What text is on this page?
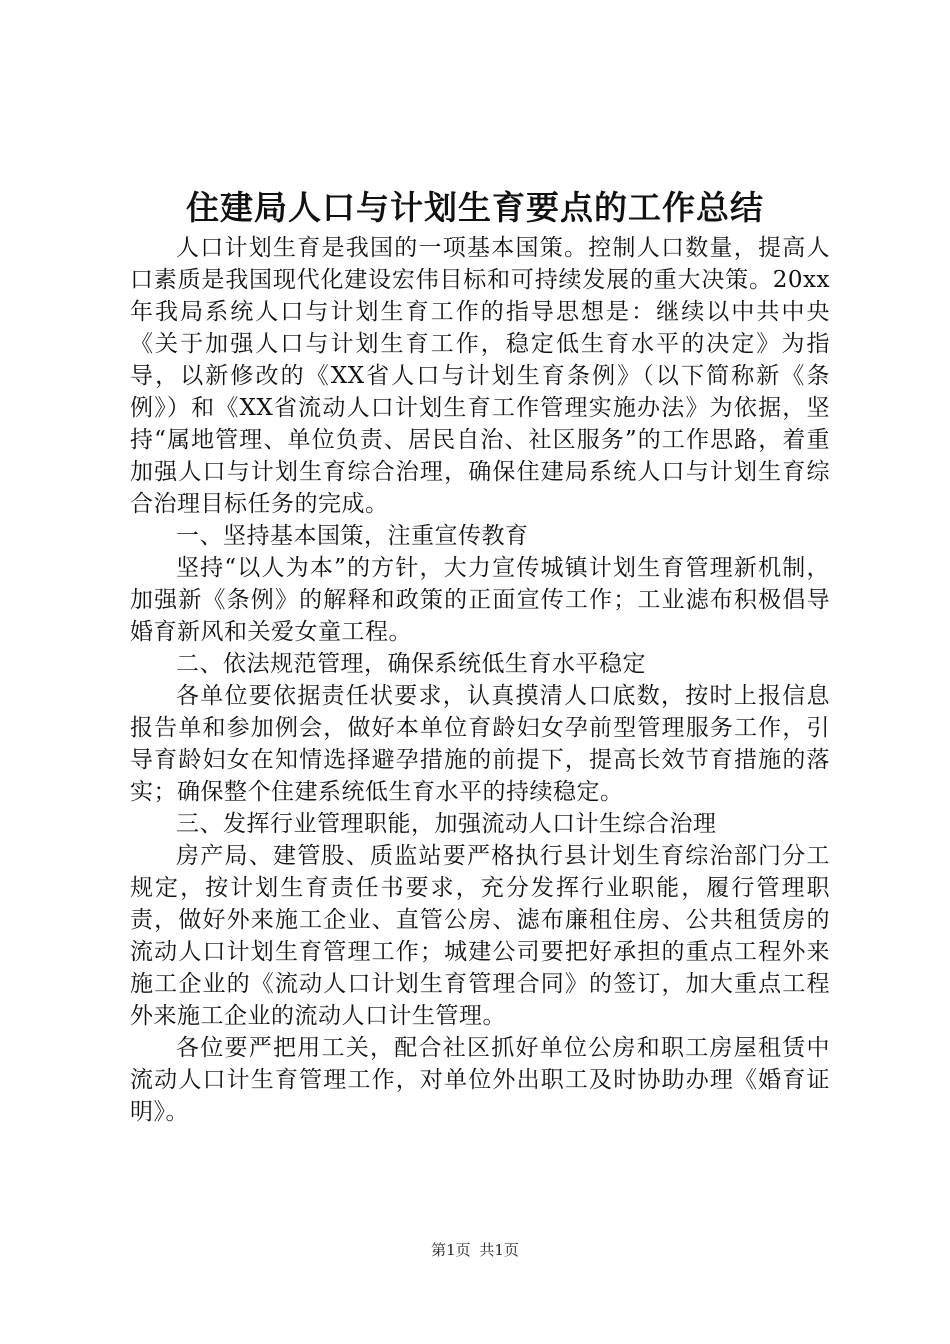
住建局人口与计划生育要点的工作总结

人口计划生育是我国的一项基本国策。控制人口数量，提高人口素质是我国现代化建设宏伟目标和可持续发展的重大决策。20xx年我局系统人口与计划生育工作的指导思想是：继续以中共中央《关于加强人口与计划生育工作，稳定低生育水平的决定》为指导，以新修改的《XX省人口与计划生育条例》（以下简称新《条例》）和《XX省流动人口计划生育工作管理实施办法》为依据，坚持“属地管理、单位负责、居民自治、社区服务”的工作思路，着重加强人口与计划生育综合治理，确保住建局系统人口与计划生育综合治理目标任务的完成。

一、坚持基本国策，注重宣传教育

坚持“以人为本”的方针，大力宣传城镇计划生育管理新机制，加强新《条例》的解释和政策的正面宣传工作；工业滤布积极倡导婚育新风和关爱女童工程。

二、依法规范管理，确保系统低生育水平稳定

各单位要依据责任状要求，认真摸清人口底数，按时上报信息报告单和参加例会，做好本单位育龄妇女孕前型管理服务工作，引导育龄妇女在知情选择避孕措施的前提下，提高长效节育措施的落实；确保整个住建系统低生育水平的持续稳定。

三、发挥行业管理职能，加强流动人口计生综合治理

房产局、建管股、质监站要严格执行县计划生育综治部门分工规定，按计划生育责任书要求，充分发挥行业职能，履行管理职责，做好外来施工企业、直管公房、滤布廉租住房、公共租赁房的流动人口计划生育管理工作；城建公司要把好承担的重点工程外来施工企业的《流动人口计划生育管理合同》的签订，加大重点工程外来施工企业的流动人口计生管理。

各位要严把用工关，配合社区抓好单位公房和职工房屋租赁中流动人口计生育管理工作，对单位外出职工及时协助办理《婚育证明》。

第1页 共1页
